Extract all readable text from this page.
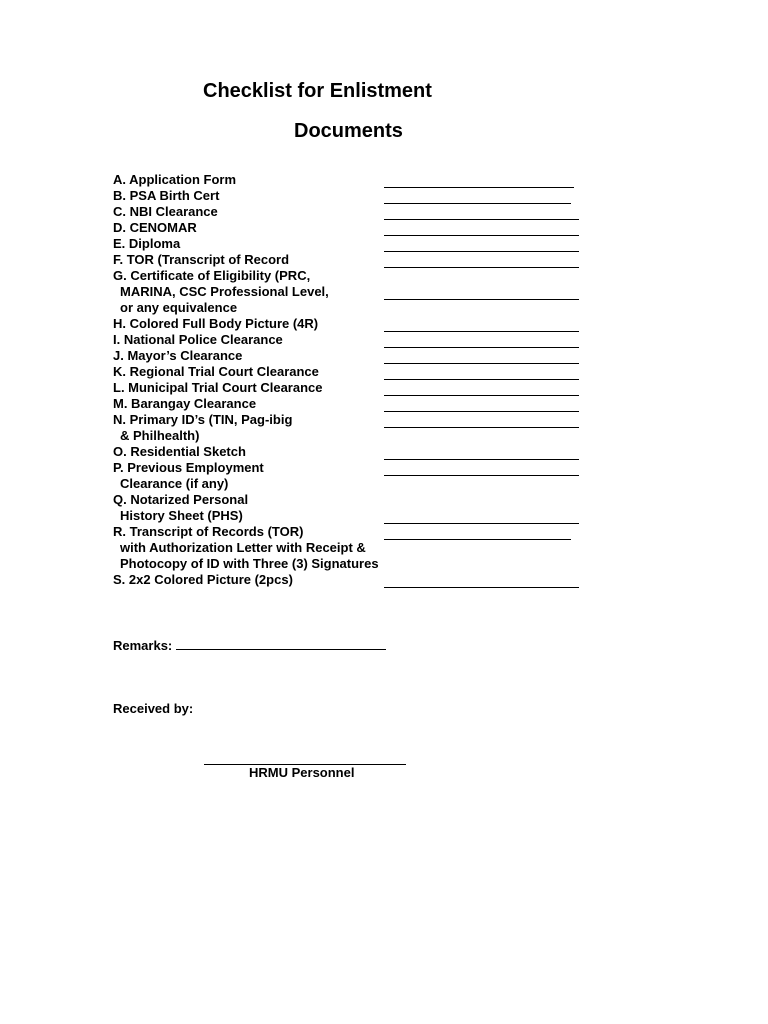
Checklist for Enlistment
Documents
A. Application Form
B. PSA Birth Cert
C. NBI Clearance
D. CENOMAR
E. Diploma
F. TOR (Transcript of Record
G. Certificate of Eligibility (PRC,
MARINA, CSC Professional Level,
or any equivalence
H. Colored Full Body Picture (4R)
I. National Police Clearance
J. Mayor’s Clearance
K. Regional Trial Court Clearance
L. Municipal Trial Court Clearance
M. Barangay Clearance
N. Primary ID’s (TIN, Pag-ibig
& Philhealth)
O. Residential Sketch
P. Previous Employment
Clearance (if any)
Q. Notarized Personal
History Sheet (PHS)
R. Transcript of Records (TOR)
with Authorization Letter with Receipt &
Photocopy of ID with Three (3) Signatures
S. 2x2 Colored Picture (2pcs)
Remarks:
Received by:
HRMU Personnel
